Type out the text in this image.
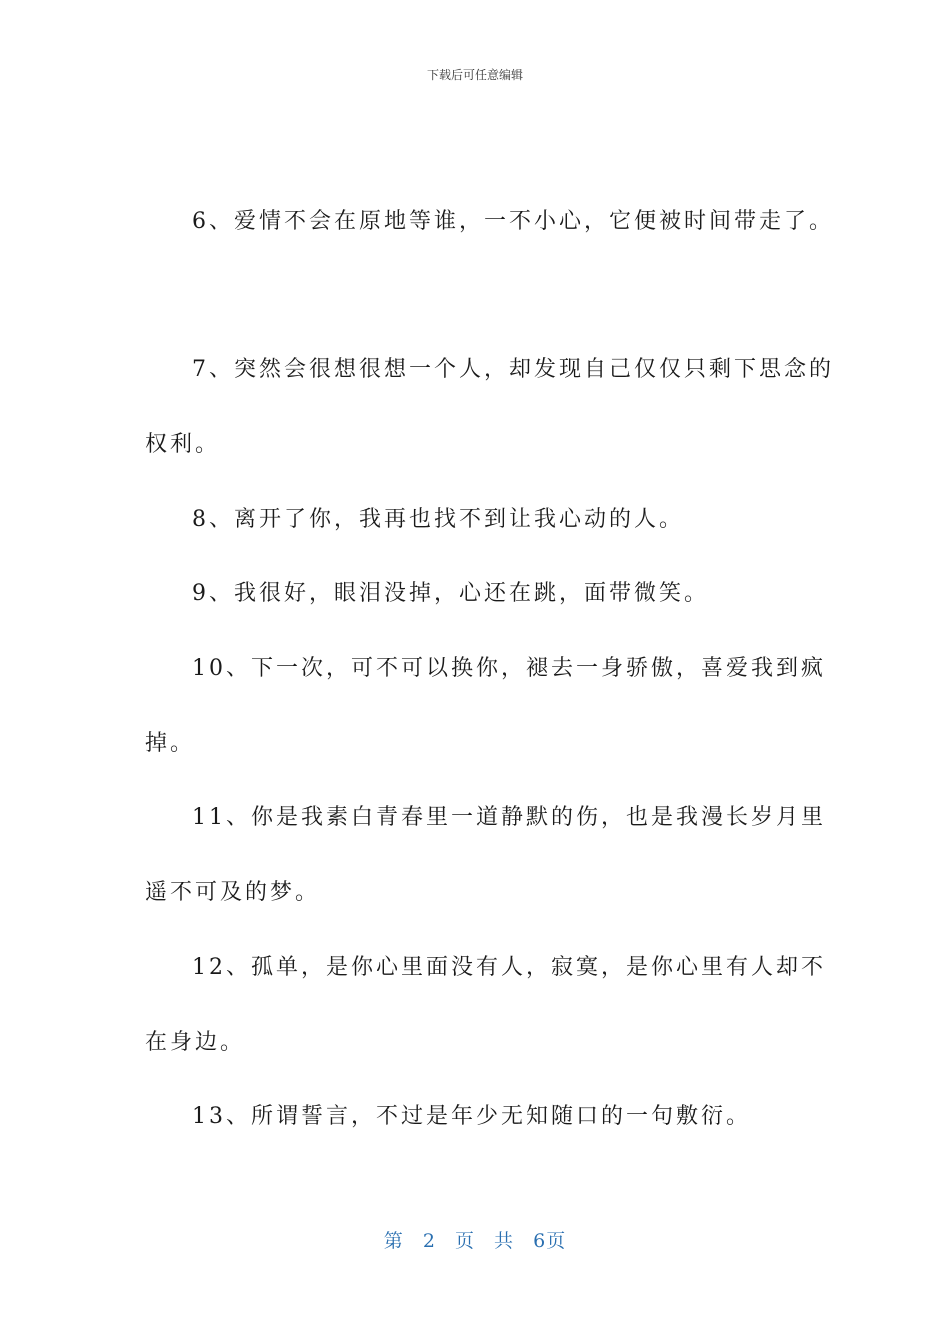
下载后可任意编辑
6、爱情不会在原地等谁，一不小心，它便被时间带走了。
7、突然会很想很想一个人，却发现自己仅仅只剩下思念的
权利。
8、离开了你，我再也找不到让我心动的人。
9、我很好，眼泪没掉，心还在跳，面带微笑。
10、下一次，可不可以换你，褪去一身骄傲，喜爱我到疯
掉。
11、你是我素白青春里一道静默的伤，也是我漫长岁月里
遥不可及的梦。
12、孤单，是你心里面没有人，寂寞，是你心里有人却不
在身边。
13、所谓誓言，不过是年少无知随口的一句敷衍。
第 2 页 共 6页
